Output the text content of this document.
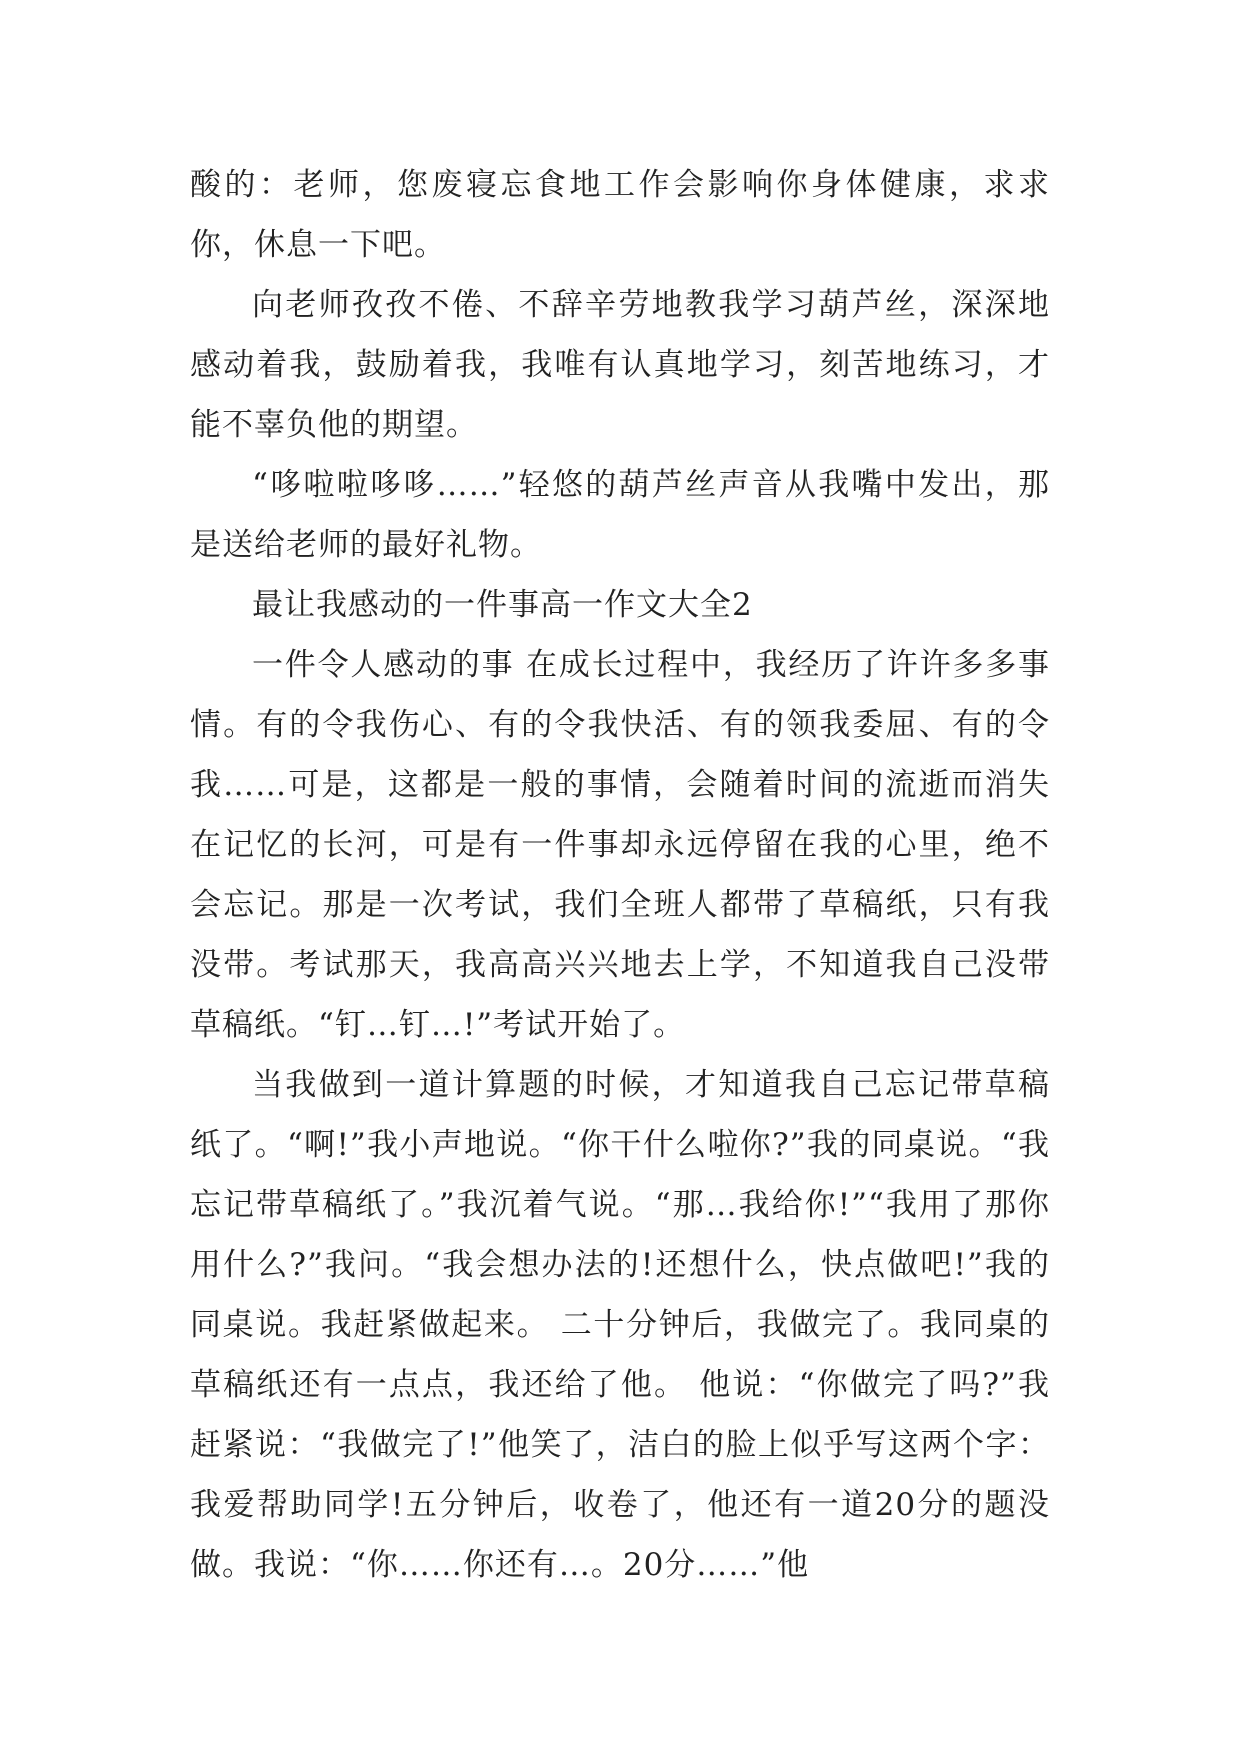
酸的：老师，您废寝忘食地工作会影响你身体健康，求求你，休息一下吧。

向老师孜孜不倦、不辞辛劳地教我学习葫芦丝，深深地感动着我，鼓励着我，我唯有认真地学习，刻苦地练习，才能不辜负他的期望。

“哆啦啦哆哆……”轻悠的葫芦丝声音从我嘴中发出，那是送给老师的最好礼物。

最让我感动的一件事高一作文大全2

一件令人感动的事 在成长过程中，我经历了许许多多事情。有的令我伤心、有的令我快活、有的领我委屈、有的令我……可是，这都是一般的事情，会随着时间的流逝而消失在记忆的长河，可是有一件事却永远停留在我的心里，绝不会忘记。那是一次考试，我们全班人都带了草稿纸，只有我没带。考试那天，我高高兴兴地去上学，不知道我自己没带草稿纸。“钉…钉…!”考试开始了。

当我做到一道计算题的时候，才知道我自己忘记带草稿纸了。“啊!”我小声地说。“你干什么啦你?”我的同桌说。“我忘记带草稿纸了。”我沉着气说。“那…我给你!”“我用了那你用什么?”我问。“我会想办法的!还想什么，快点做吧!”我的同桌说。我赶紧做起来。 二十分钟后，我做完了。我同桌的草稿纸还有一点点，我还给了他。 他说：“你做完了吗?”我赶紧说：“我做完了!”他笑了，洁白的脸上似乎写这两个字：我爱帮助同学!五分钟后，收卷了，他还有一道20分的题没做。我说：“你……你还有…。20分……”他
